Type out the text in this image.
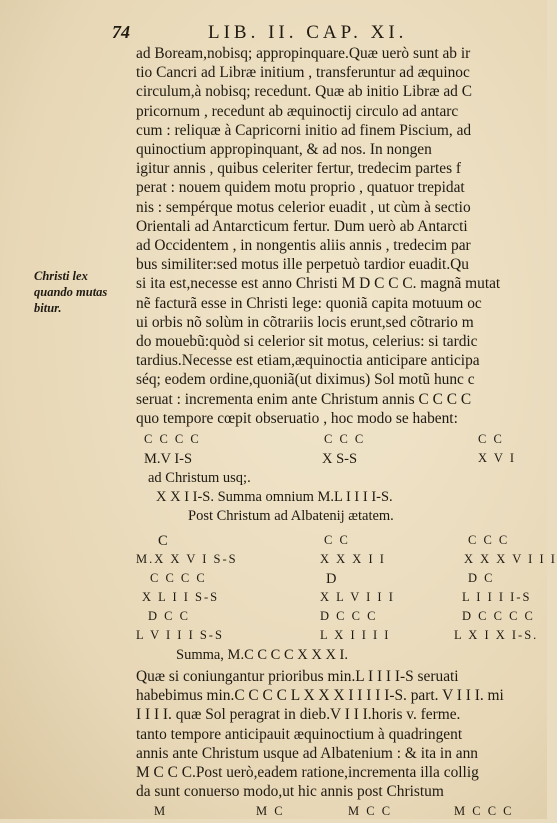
74	LIB. II. CAP. XI.
Christi lex
quando mutas
bitur.
ad Boream,nobisq; appropinquare.Quæ uerò sunt ab ir
tio Cancri ad Libræ initium , transferuntur ad æquinoc
circulum,à nobisq; recedunt. Quæ ab initio Libræ ad C
pricornum , recedunt ab æquinoctij circulo ad antarc
cum : reliquæ à Capricorni initio ad finem Piscium, ad
quinoctium appropinquant, & ad nos. In nongen
igitur annis , quibus celeriter fertur, tredecim partes f
perat : nouem quidem motu proprio , quatuor trepidat
nis : sempérque motus celerior euadit , ut cùm à sectio
Orientali ad Antarcticum fertur. Dum uerò ab Antarcti
ad Occidentem , in nongentis aliis annis , tredecim par
bus similiter:sed motus ille perpetuò tardior euadit.Qu
si ita est,necesse est anno Christi M D C C C. magnã mutat
nẽ facturã esse in Christi lege: quoniã capita motuum oc
ui orbis nõ solùm in cõtrariis locis erunt,sed cõtrario m
do mouebũ:quòd si celerior sit motus, celerius: si tardic
tardius.Necesse est etiam,æquinoctia anticipare anticipa
séq; eodem ordine,quoniã(ut diximus) Sol motũ hunc c
seruat : incrementa enim ante Christum annis C C C C
quo tempore cœpit obseruatio , hoc modo se habent:
C C C C	C C C	C C
M.V I-S	X S-S	X V I
ad Christum usq;.
X X I I-S. Summa omnium M.L I I I I-S.
Post Christum ad Albatenij ætatem.
C	C C	C C C
M.X X V I S-S	X X X I I	X X X V I I I
C C C C	D	D C
X L I I S-S	X L V I I I	L I I I I-S
D C C	D C C C	D C C C C
L V I I I S-S	L X I I I I	L X I X I-S.
Summa, M.C C C C X X X I.
Quæ si coniungantur prioribus min.L I I I I-S seruati
habebimus min.C C C C L X X X I I I I I-S. part. V I I I. mi
I I I I. quæ Sol peragrat in dieb.V I I I.horis v. ferme.
tanto tempore anticipauit æquinoctium à quadringent
annis ante Christum usque ad Albatenium : & ita in ann
M C C C.Post uerò,eadem ratione,incrementa illa collig
da sunt conuerso modo,ut hic annis post Christum
M	M C	M C C	M C C C
